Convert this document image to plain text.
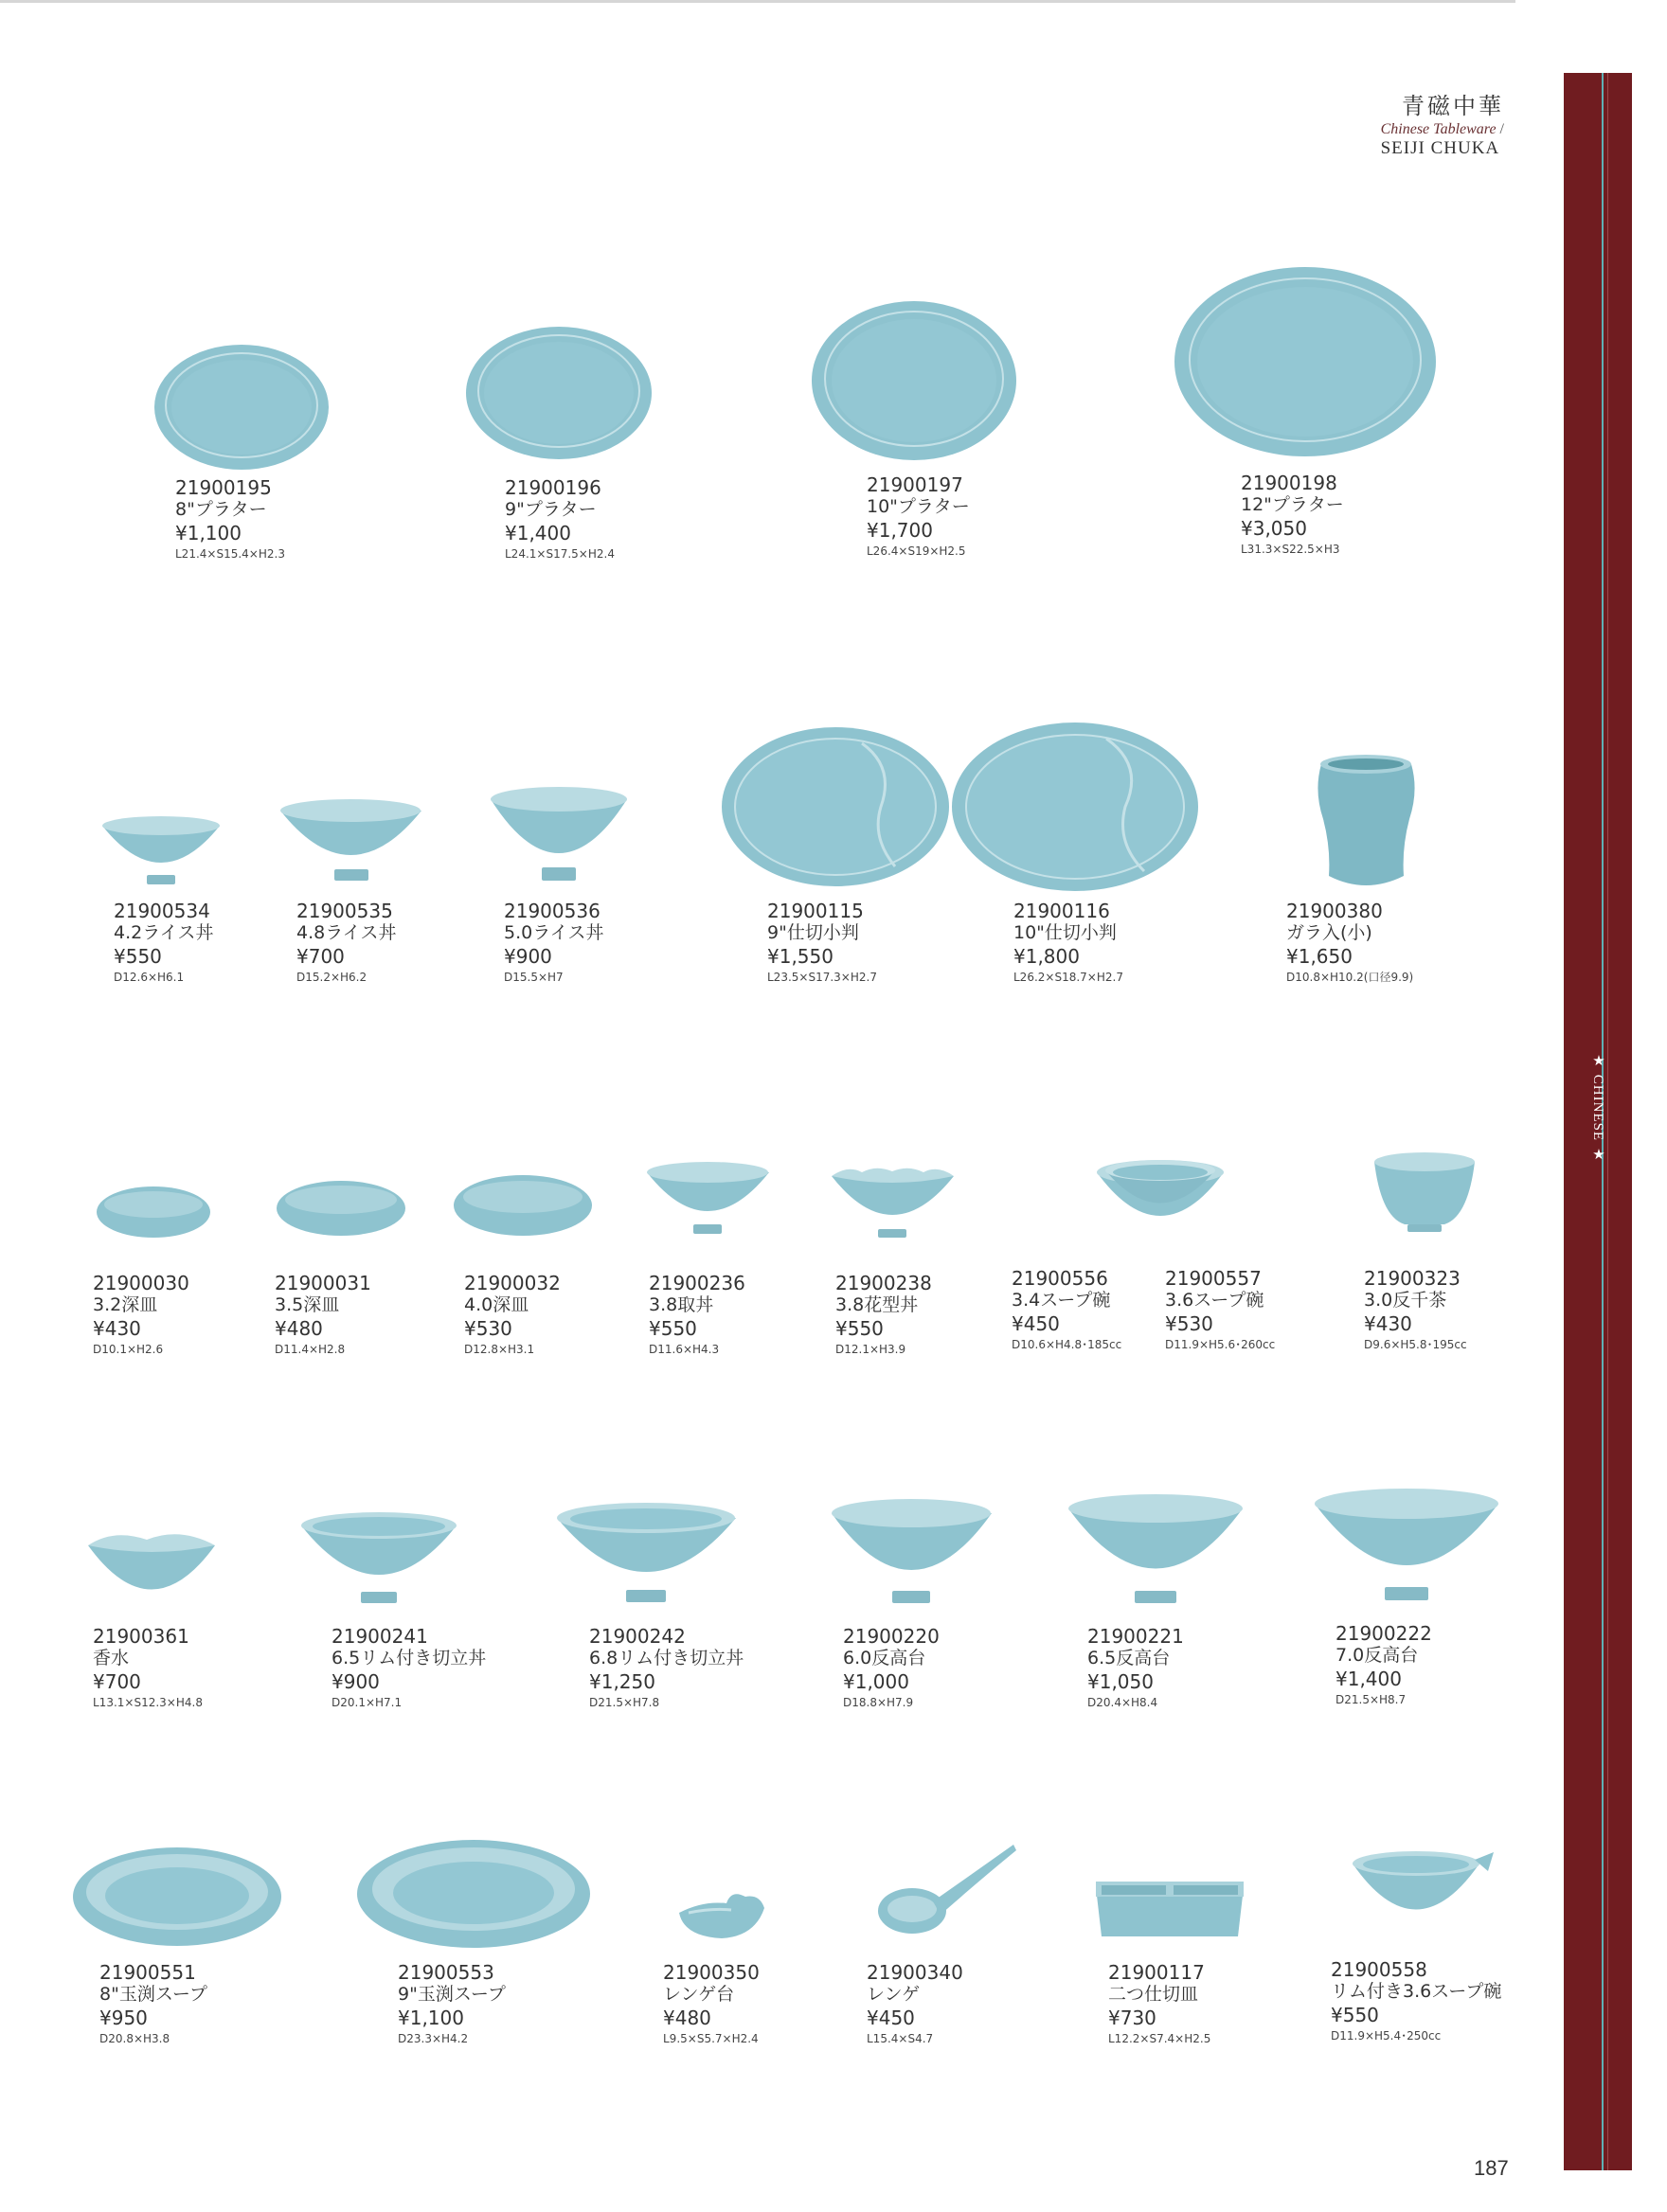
★ CHINESE ★
青磁中華
Chinese Tableware /
SEIJI CHUKA
21900195
8"プラター
¥1,100
L21.4×S15.4×H2.3
21900196
9"プラター
¥1,400
L24.1×S17.5×H2.4
21900197
10"プラター
¥1,700
L26.4×S19×H2.5
21900198
12"プラター
¥3,050
L31.3×S22.5×H3
21900534
4.2ライス丼
¥550
D12.6×H6.1
21900535
4.8ライス丼
¥700
D15.2×H6.2
21900536
5.0ライス丼
¥900
D15.5×H7
21900115
9"仕切小判
¥1,550
L23.5×S17.3×H2.7
21900116
10"仕切小判
¥1,800
L26.2×S18.7×H2.7
21900380
ガラ入(小)
¥1,650
D10.8×H10.2(口径9.9)
21900030
3.2深皿
¥430
D10.1×H2.6
21900031
3.5深皿
¥480
D11.4×H2.8
21900032
4.0深皿
¥530
D12.8×H3.1
21900236
3.8取丼
¥550
D11.6×H4.3
21900238
3.8花型丼
¥550
D12.1×H3.9
21900556
3.4スープ碗
¥450
D10.6×H4.8･185cc
21900557
3.6スープ碗
¥530
D11.9×H5.6･260cc
21900323
3.0反千茶
¥430
D9.6×H5.8･195cc
21900361
香水
¥700
L13.1×S12.3×H4.8
21900241
6.5リム付き切立丼
¥900
D20.1×H7.1
21900242
6.8リム付き切立丼
¥1,250
D21.5×H7.8
21900220
6.0反高台
¥1,000
D18.8×H7.9
21900221
6.5反高台
¥1,050
D20.4×H8.4
21900222
7.0反高台
¥1,400
D21.5×H8.7
21900551
8"玉渕スープ
¥950
D20.8×H3.8
21900553
9"玉渕スープ
¥1,100
D23.3×H4.2
21900350
レンゲ台
¥480
L9.5×S5.7×H2.4
21900340
レンゲ
¥450
L15.4×S4.7
21900117
二つ仕切皿
¥730
L12.2×S7.4×H2.5
21900558
リム付き3.6スープ碗
¥550
D11.9×H5.4･250cc
187
